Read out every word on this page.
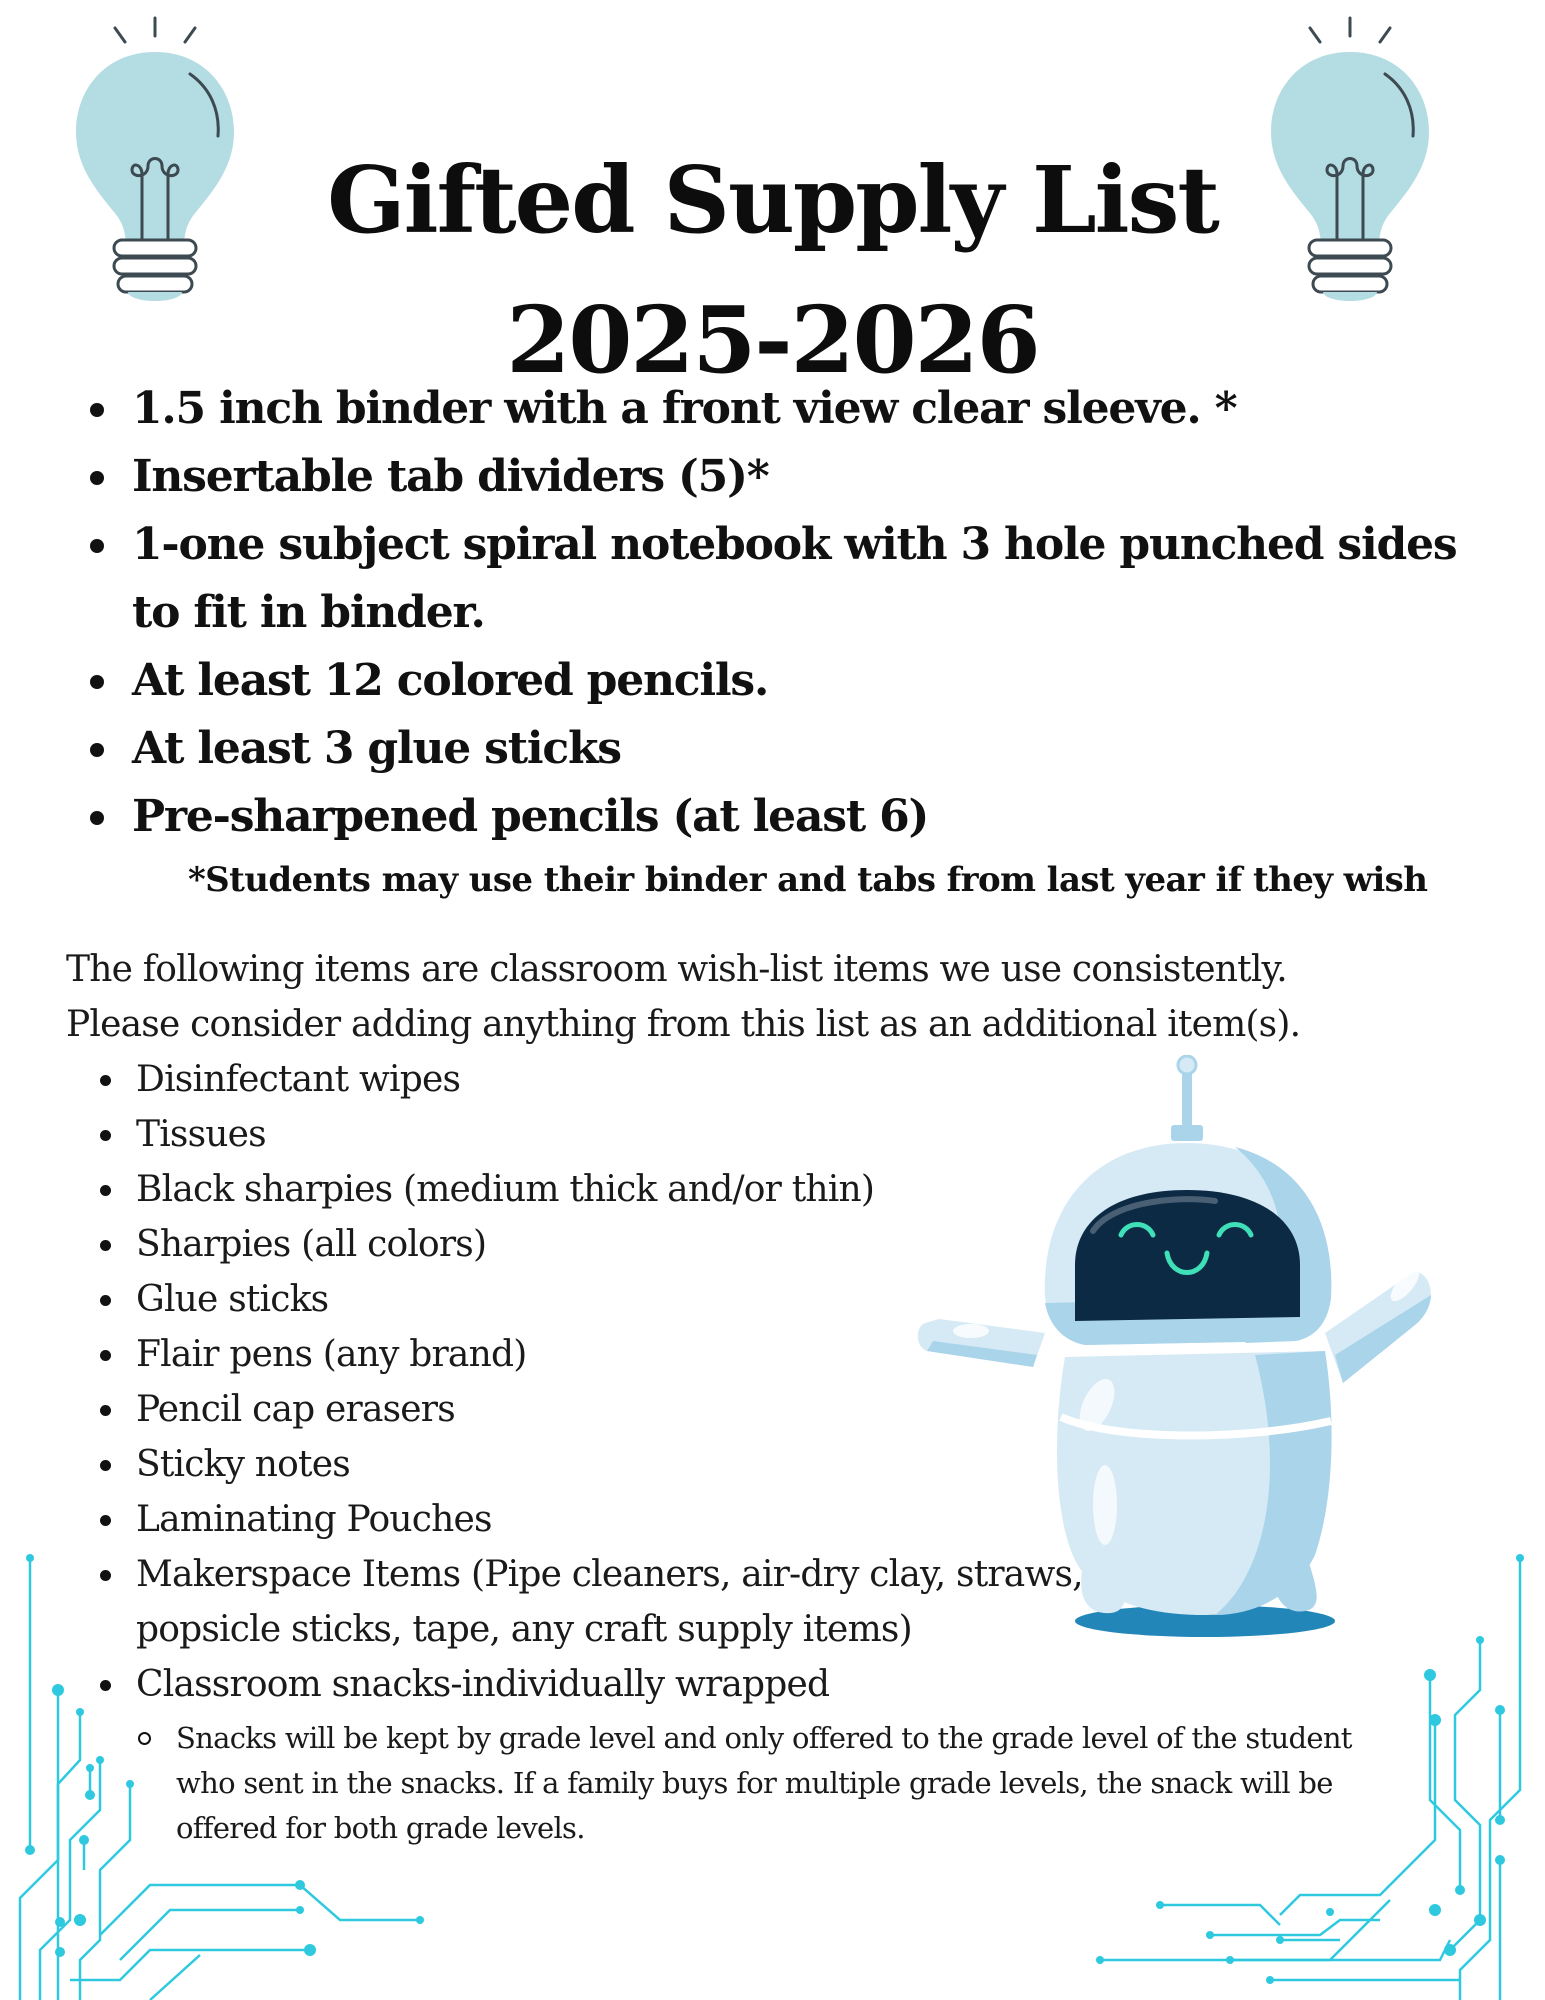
Gifted Supply List
2025-2026
1.5 inch binder with a front view clear sleeve. *
Insertable tab dividers (5)*
1-one subject spiral notebook with 3 hole punched sides to fit in binder.
At least 12 colored pencils.
At least 3 glue sticks
Pre-sharpened pencils (at least 6)
*Students may use their binder and tabs from last year if they wish

The following items are classroom wish-list items we use consistently.

Please consider adding anything from this list as an additional item(s).

Disinfectant wipes
Tissues
Black sharpies (medium thick and/or thin)
Sharpies (all colors)
Glue sticks
Flair pens (any brand)
Pencil cap erasers
Sticky notes
Laminating Pouches
Makerspace Items (Pipe cleaners, air-dry clay, straws, popsicle sticks, tape, any craft supply items)
Classroom snacks-individually wrapped
Snacks will be kept by grade level and only offered to the grade level of the student who sent in the snacks. If a family buys for multiple grade levels, the snack will be offered for both grade levels.
